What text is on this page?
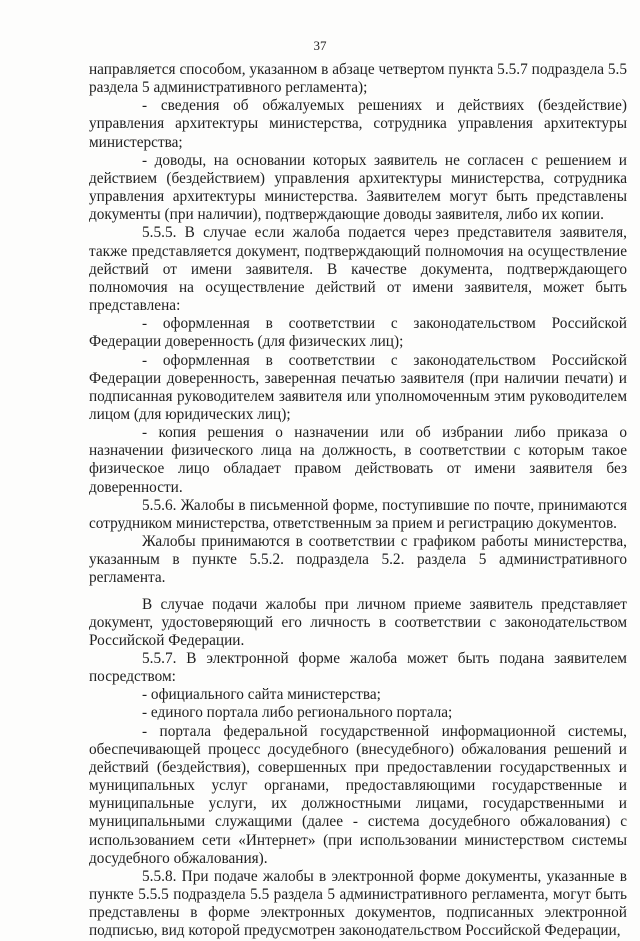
37

направляется способом, указанном в абзаце четвертом пункта 5.5.7 подраздела 5.5 раздела 5 административного регламента);

- сведения об обжалуемых решениях и действиях (бездействие) управления архитектуры министерства, сотрудника управления архитектуры министерства;

- доводы, на основании которых заявитель не согласен с решением и действием (бездействием) управления архитектуры министерства, сотрудника управления архитектуры министерства. Заявителем могут быть представлены документы (при наличии), подтверждающие доводы заявителя, либо их копии.

5.5.5. В случае если жалоба подается через представителя заявителя, также представляется документ, подтверждающий полномочия на осуществление действий от имени заявителя. В качестве документа, подтверждающего полномочия на осуществление действий от имени заявителя, может быть представлена:

- оформленная в соответствии с законодательством Российской Федерации доверенность (для физических лиц);

- оформленная в соответствии с законодательством Российской Федерации доверенность, заверенная печатью заявителя (при наличии печати) и подписанная руководителем заявителя или уполномоченным этим руководителем лицом (для юридических лиц);

- копия решения о назначении или об избрании либо приказа о назначении физического лица на должность, в соответствии с которым такое физическое лицо обладает правом действовать от имени заявителя без доверенности.

5.5.6. Жалобы в письменной форме, поступившие по почте, принимаются сотрудником министерства, ответственным за прием и регистрацию документов.

Жалобы принимаются в соответствии с графиком работы министерства, указанным в пункте 5.5.2. подраздела 5.2. раздела 5 административного регламента.

В случае подачи жалобы при личном приеме заявитель представляет документ, удостоверяющий его личность в соответствии с законодательством Российской Федерации.

5.5.7. В электронной форме жалоба может быть подана заявителем посредством:

- официального сайта министерства;

- единого портала либо регионального портала;

- портала федеральной государственной информационной системы, обеспечивающей процесс досудебного (внесудебного) обжалования решений и действий (бездействия), совершенных при предоставлении государственных и муниципальных услуг органами, предоставляющими государственные и муниципальные услуги, их должностными лицами, государственными и муниципальными служащими (далее - система досудебного обжалования) с использованием сети «Интернет» (при использовании министерством системы досудебного обжалования).

5.5.8. При подаче жалобы в электронной форме документы, указанные в пункте 5.5.5 подраздела 5.5 раздела 5 административного регламента, могут быть представлены в форме электронных документов, подписанных электронной подписью, вид которой предусмотрен законодательством Российской Федерации,
